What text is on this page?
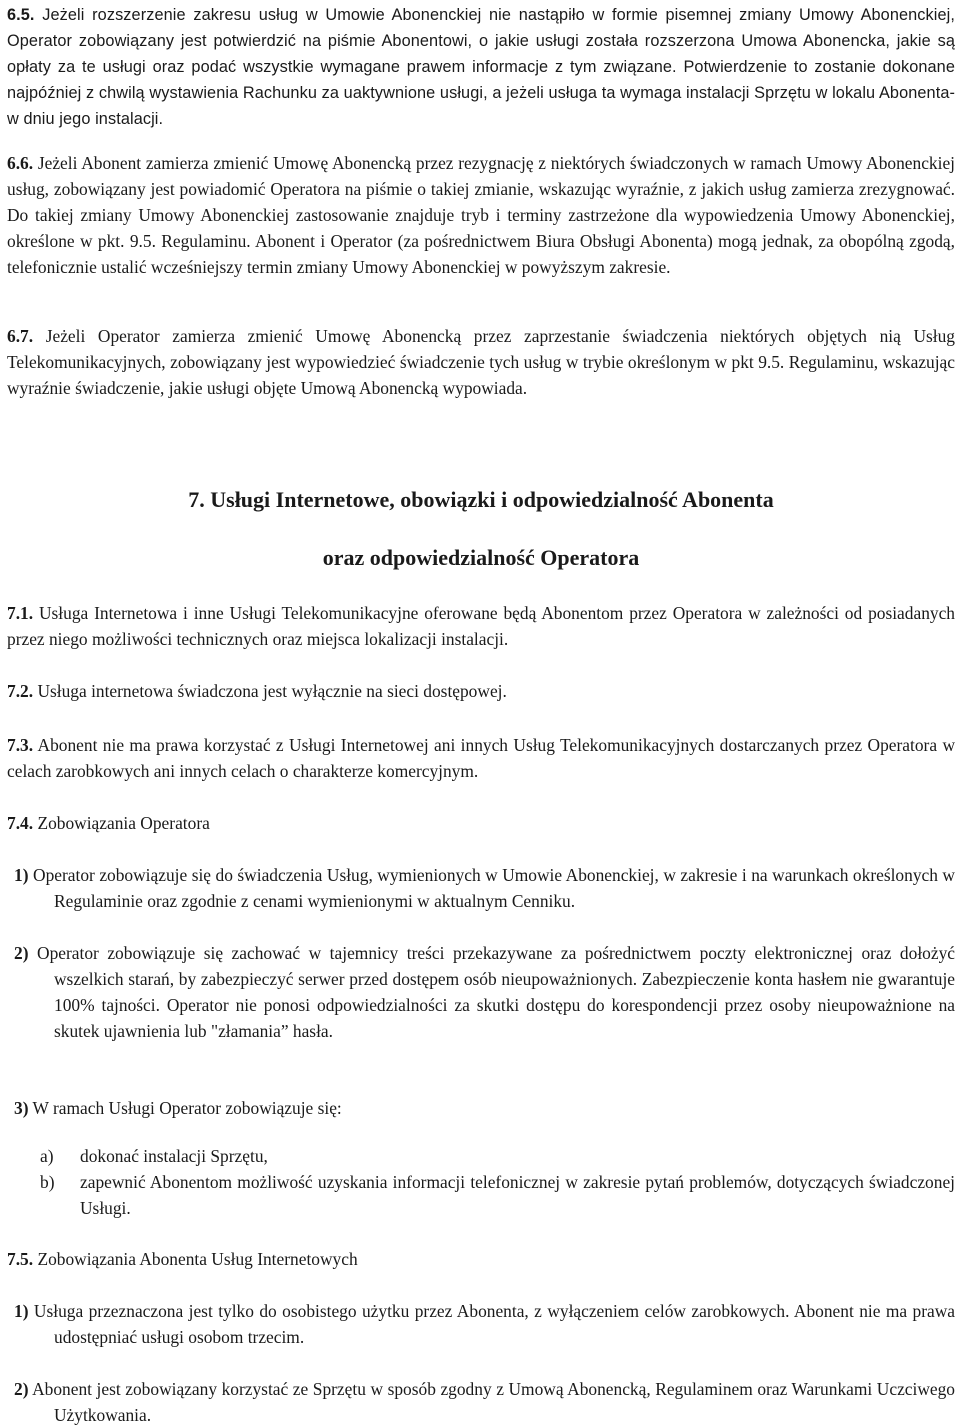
6.5. Jeżeli rozszerzenie zakresu usług w Umowie Abonenckiej nie nastąpiło w formie pisemnej zmiany Umowy Abonenckiej, Operator zobowiązany jest potwierdzić na piśmie Abonentowi, o jakie usługi została rozszerzona Umowa Abonencka, jakie są opłaty za te usługi oraz podać wszystkie wymagane prawem informacje z tym związane. Potwierdzenie to zostanie dokonane najpóźniej z chwilą wystawienia Rachunku za uaktywnione usługi, a jeżeli usługa ta wymaga instalacji Sprzętu w lokalu Abonenta- w dniu jego instalacji.

6.6. Jeżeli Abonent zamierza zmienić Umowę Abonencką przez rezygnację z niektórych świadczonych w ramach Umowy Abonenckiej usług, zobowiązany jest powiadomić Operatora na piśmie o takiej zmianie, wskazując wyraźnie, z jakich usług zamierza zrezygnować. Do takiej zmiany Umowy Abonenckiej zastosowanie znajduje tryb i terminy zastrzeżone dla wypowiedzenia Umowy Abonenckiej, określone w pkt. 9.5. Regulaminu. Abonent i Operator (za pośrednictwem Biura Obsługi Abonenta) mogą jednak, za obopólną zgodą, telefonicznie ustalić wcześniejszy termin zmiany Umowy Abonenckiej w powyższym zakresie.

6.7. Jeżeli Operator zamierza zmienić Umowę Abonencką przez zaprzestanie świadczenia niektórych objętych nią Usług Telekomunikacyjnych, zobowiązany jest wypowiedzieć świadczenie tych usług w trybie określonym w pkt 9.5. Regulaminu, wskazując wyraźnie świadczenie, jakie usługi objęte Umową Abonencką wypowiada.

7. Usługi Internetowe, obowiązki i odpowiedzialność Abonenta
oraz odpowiedzialność Operatora

7.1. Usługa Internetowa i inne Usługi Telekomunikacyjne oferowane będą Abonentom przez Operatora w zależności od posiadanych przez niego możliwości technicznych oraz miejsca lokalizacji instalacji.

7.2. Usługa internetowa świadczona jest wyłącznie na sieci dostępowej.

7.3. Abonent nie ma prawa korzystać z Usługi Internetowej ani innych Usług Telekomunikacyjnych dostarczanych przez Operatora w celach zarobkowych ani innych celach o charakterze komercyjnym.

7.4. Zobowiązania Operatora

1) Operator zobowiązuje się do świadczenia Usług, wymienionych w Umowie Abonenckiej, w zakresie i na warunkach określonych w Regulaminie oraz zgodnie z cenami wymienionymi w aktualnym Cenniku.

2) Operator zobowiązuje się zachować w tajemnicy treści przekazywane za pośrednictwem poczty elektronicznej oraz dołożyć wszelkich starań, by zabezpieczyć serwer przed dostępem osób nieupoważnionych. Zabezpieczenie konta hasłem nie gwarantuje 100% tajności. Operator nie ponosi odpowiedzialności za skutki dostępu do korespondencji przez osoby nieupoważnione na skutek ujawnienia lub "złamania” hasła.

3) W ramach Usługi Operator zobowiązuje się:

a)	dokonać instalacji Sprzętu,
b)	zapewnić Abonentom możliwość uzyskania informacji telefonicznej w zakresie pytań problemów, dotyczących świadczonej Usługi.

7.5. Zobowiązania Abonenta Usług Internetowych

1) Usługa przeznaczona jest tylko do osobistego użytku przez Abonenta, z wyłączeniem celów zarobkowych. Abonent nie ma prawa udostępniać usługi osobom trzecim.

2) Abonent jest zobowiązany korzystać ze Sprzętu w sposób zgodny z Umową Abonencką, Regulaminem oraz Warunkami Uczciwego Użytkowania.
